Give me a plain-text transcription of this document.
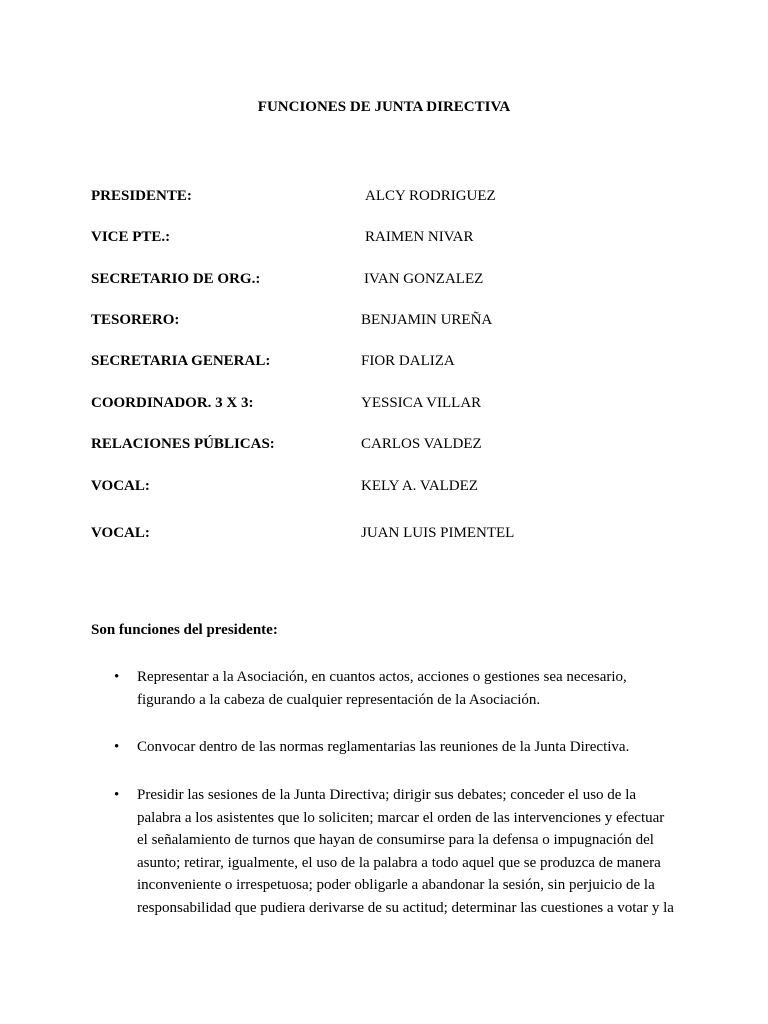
FUNCIONES DE JUNTA DIRECTIVA
PRESIDENTE:	ALCY RODRIGUEZ
VICE PTE.:	RAIMEN NIVAR
SECRETARIO DE ORG.:	IVAN GONZALEZ
TESORERO:	BENJAMIN UREÑA
SECRETARIA GENERAL:	FIOR DALIZA
COORDINADOR. 3 X 3:	YESSICA VILLAR
RELACIONES PÚBLICAS:	CARLOS VALDEZ
VOCAL:	KELY A. VALDEZ
VOCAL:	JUAN LUIS PIMENTEL
Son funciones del presidente:
•	Representar a la Asociación, en cuantos actos, acciones o gestiones sea necesario,
figurando a la cabeza de cualquier representación de la Asociación.
•	Convocar dentro de las normas reglamentarias las reuniones de la Junta Directiva.
•	Presidir las sesiones de la Junta Directiva; dirigir sus debates; conceder el uso de la
palabra a los asistentes que lo soliciten; marcar el orden de las intervenciones y efectuar
el señalamiento de turnos que hayan de consumirse para la defensa o impugnación del
asunto; retirar, igualmente, el uso de la palabra a todo aquel que se produzca de manera
inconveniente o irrespetuosa; poder obligarle a abandonar la sesión, sin perjuicio de la
responsabilidad que pudiera derivarse de su actitud; determinar las cuestiones a votar y la
